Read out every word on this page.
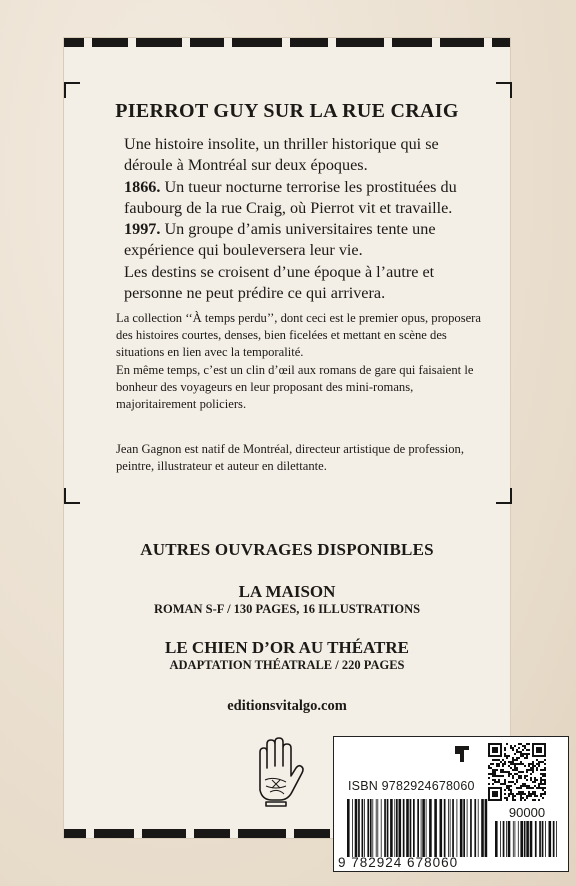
PIERROT GUY SUR LA RUE CRAIG

Une histoire insolite, un thriller historique qui se déroule à Montréal sur deux époques.

1866. Un tueur nocturne terrorise les prostituées du faubourg de la rue Craig, où Pierrot vit et travaille.

1997. Un groupe d’amis universitaires tente une expérience qui bouleversera leur vie.

Les destins se croisent d’une époque à l’autre et personne ne peut prédire ce qui arrivera.

La collection ‘‘À temps perdu’’, dont ceci est le premier opus, proposera des histoires courtes, denses, bien ficelées et mettant en scène des situations en lien avec la temporalité.

En même temps, c’est un clin d’œil aux romans de gare qui faisaient le bonheur des voyageurs en leur proposant des mini-romans, majoritairement policiers.

Jean Gagnon est natif de Montréal, directeur artistique de profession, peintre, illustrateur et auteur en dilettante.

AUTRES OUVRAGES DISPONIBLES
LA MAISON
ROMAN S-F / 130 PAGES, 16 ILLUSTRATIONS
LE CHIEN D’OR AU THÉATRE
ADAPTATION THÉATRALE / 220 PAGES
editionsvitalgo.com
ISBN 9782924678060
90000
9 782924 678060
